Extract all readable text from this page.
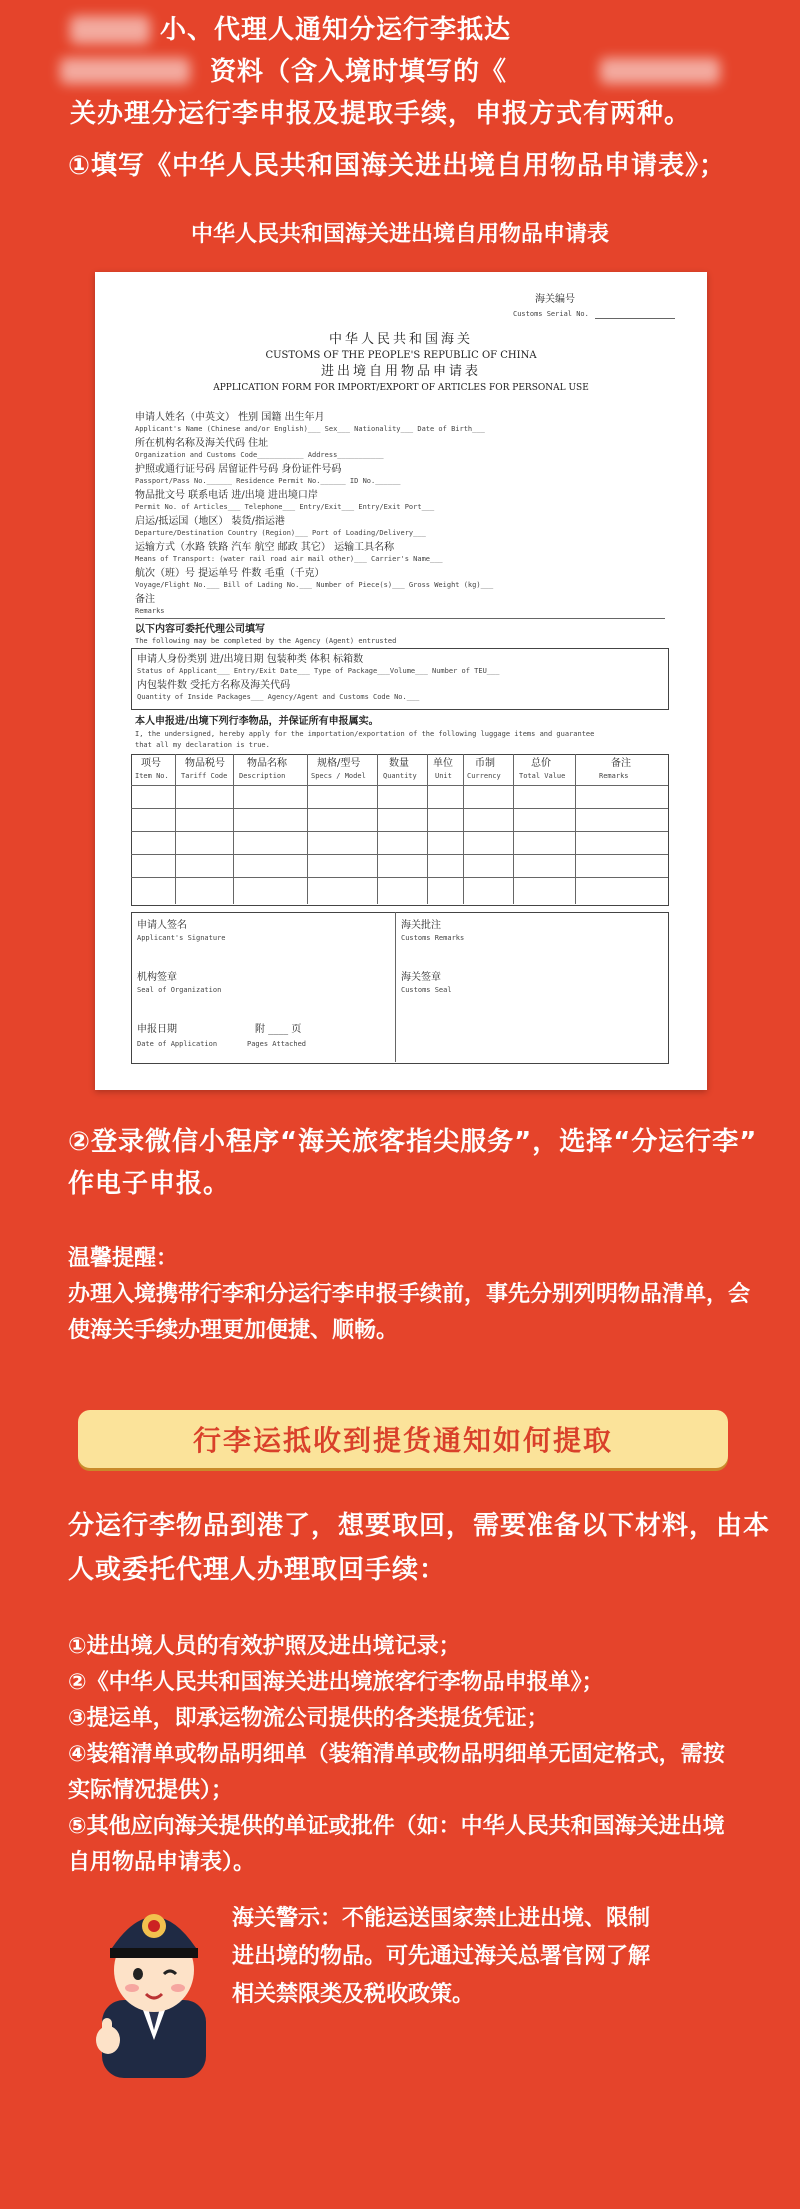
小、代理人通知分运行李抵达
资料（含入境时填写的《
关办理分运行李申报及提取手续，申报方式有两种。
①填写《中华人民共和国海关进出境自用物品申请表》；
中华人民共和国海关进出境自用物品申请表
海关编号
Customs Serial No.
中华人民共和国海关
CUSTOMS OF THE PEOPLE'S REPUBLIC OF CHINA
进出境自用物品申请表
APPLICATION FORM FOR IMPORT/EXPORT OF ARTICLES FOR PERSONAL USE
申请人姓名（中英文） 性别 国籍 出生年月
Applicant's Name (Chinese and/or English)___ Sex___ Nationality___ Date of Birth___
所在机构名称及海关代码 住址
Organization and Customs Code___________ Address___________
护照或通行证号码 居留证件号码 身份证件号码
Passport/Pass No.______ Residence Permit No.______ ID No.______
物品批文号 联系电话 进/出境 进出境口岸
Permit No. of Articles___ Telephone___ Entry/Exit___ Entry/Exit Port___
启运/抵运国（地区） 装货/指运港
Departure/Destination Country (Region)___ Port of Loading/Delivery___
运输方式（水路 铁路 汽车 航空 邮政 其它） 运输工具名称
Means of Transport: (water rail road air mail other)___ Carrier's Name___
航次（班）号 提运单号 件数 毛重（千克）
Voyage/Flight No.___ Bill of Lading No.___ Number of Piece(s)___ Gross Weight (kg)___
备注
Remarks
以下内容可委托代理公司填写
The following may be completed by the Agency (Agent) entrusted
申请人身份类别 进/出境日期 包装种类 体积 标箱数
Status of Applicant___ Entry/Exit Date___ Type of Package___Volume___ Number of TEU___
内包装件数 受托方名称及海关代码
Quantity of Inside Packages___ Agency/Agent and Customs Code No.___
本人申报进/出境下列行李物品，并保证所有申报属实。
I, the undersigned, hereby apply for the importation/exportation of the following luggage items and guarantee
that all my declaration is true.
项号
Item No.
物品税号
Tariff Code
物品名称
Description
规格/型号
Specs / Model
数量
Quantity
单位
Unit
币制
Currency
总价
Total Value
备注
Remarks
申请人签名
Applicant's Signature
机构签章
Seal of Organization
申报日期
Date of Application
附 ____ 页
Pages Attached
海关批注
Customs Remarks
海关签章
Customs Seal
②登录微信小程序“海关旅客指尖服务”，选择“分运行李”
作电子申报。
温馨提醒：
办理入境携带行李和分运行李申报手续前，事先分别列明物品清单，会
使海关手续办理更加便捷、顺畅。
行李运抵收到提货通知如何提取
分运行李物品到港了，想要取回，需要准备以下材料，由本
人或委托代理人办理取回手续：
①进出境人员的有效护照及进出境记录；
②《中华人民共和国海关进出境旅客行李物品申报单》；
③提运单，即承运物流公司提供的各类提货凭证；
④装箱清单或物品明细单（装箱清单或物品明细单无固定格式，需按
实际情况提供）；
⑤其他应向海关提供的单证或批件（如：中华人民共和国海关进出境
自用物品申请表）。
海关警示：不能运送国家禁止进出境、限制
进出境的物品。可先通过海关总署官网了解
相关禁限类及税收政策。
